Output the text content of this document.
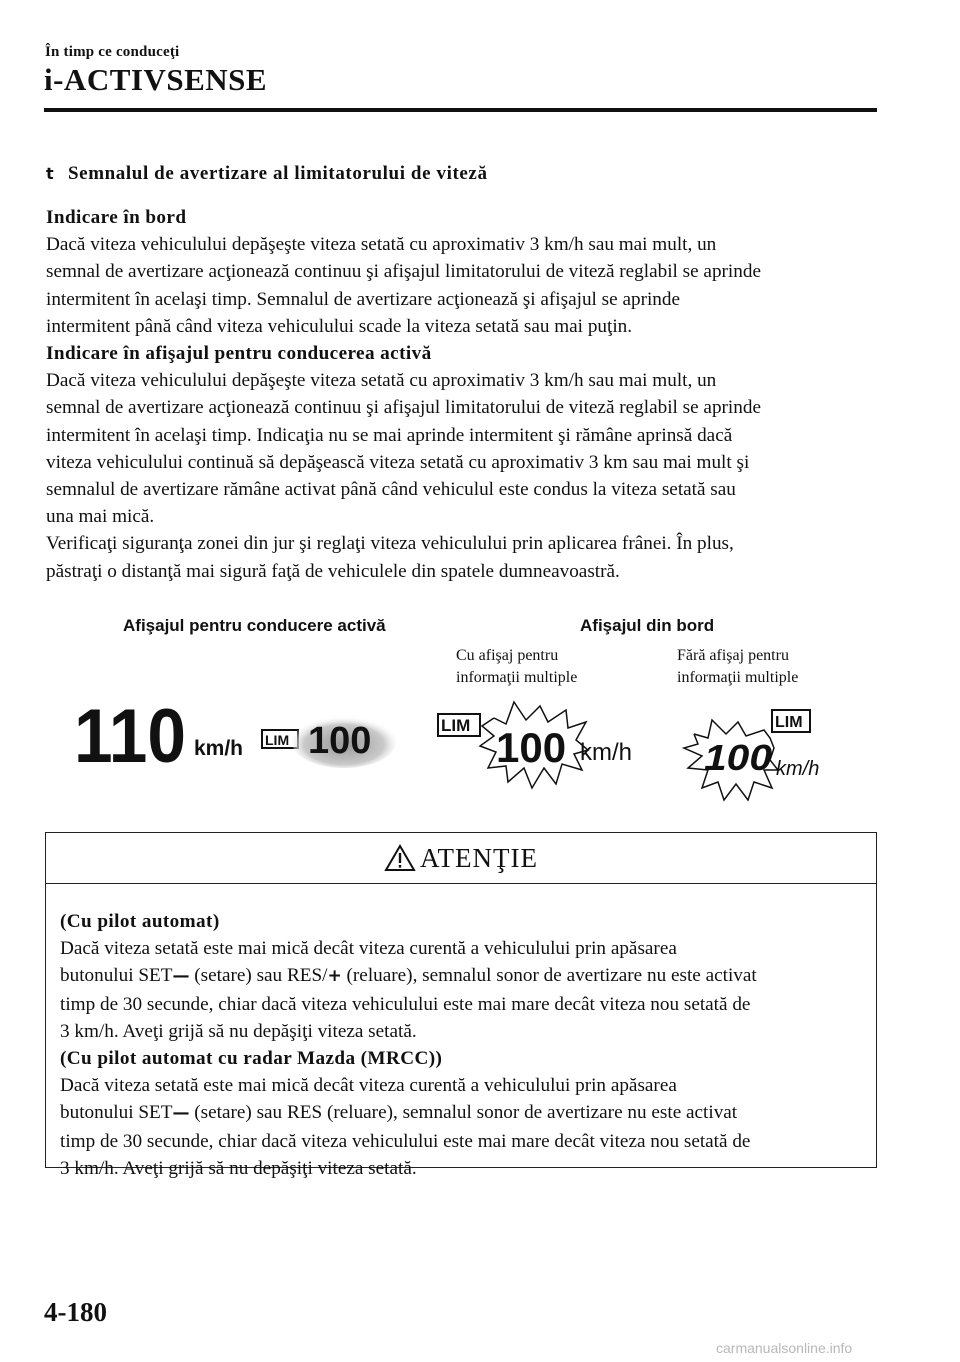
În timp ce conduceţi
i-ACTIVSENSE
t Semnalul de avertizare al limitatorului de viteză

Indicare în bord

Dacă viteza vehiculului depăşeşte viteza setată cu aproximativ 3 km/h sau mai mult, un

semnal de avertizare acţionează continuu şi afişajul limitatorului de viteză reglabil se aprinde

intermitent în acelaşi timp. Semnalul de avertizare acţionează şi afişajul se aprinde

intermitent până când viteza vehiculului scade la viteza setată sau mai puţin.

Indicare în afişajul pentru conducerea activă

Dacă viteza vehiculului depăşeşte viteza setată cu aproximativ 3 km/h sau mai mult, un

semnal de avertizare acţionează continuu şi afişajul limitatorului de viteză reglabil se aprinde

intermitent în acelaşi timp. Indicaţia nu se mai aprinde intermitent şi rămâne aprinsă dacă

viteza vehiculului continuă să depăşească viteza setată cu aproximativ 3 km sau mai mult şi

semnalul de avertizare rămâne activat până când vehiculul este condus la viteza setată sau

una mai mică.

Verificaţi siguranţa zonei din jur şi reglaţi viteza vehiculului prin aplicarea frânei. În plus,

păstraţi o distanţă mai sigură faţă de vehiculele din spatele dumneavoastră.

Afişajul pentru conducere activă	Afişajul din bord
Cu afişaj pentru
informaţii multiple
Fără afişaj pentru
informaţii multiple
110 km/h LIM 100	LIM 100 km/h
LIM
100 km/h
ATENŢIE

(Cu pilot automat)

Dacă viteza setată este mai mică decât viteza curentă a vehiculului prin apăsarea

butonului SET— (setare) sau RES/+ (reluare), semnalul sonor de avertizare nu este activat

timp de 30 secunde, chiar dacă viteza vehiculului este mai mare decât viteza nou setată de

3 km/h. Aveţi grijă să nu depăşiţi viteza setată.

(Cu pilot automat cu radar Mazda (MRCC))

Dacă viteza setată este mai mică decât viteza curentă a vehiculului prin apăsarea

butonului SET— (setare) sau RES (reluare), semnalul sonor de avertizare nu este activat

timp de 30 secunde, chiar dacă viteza vehiculului este mai mare decât viteza nou setată de

3 km/h. Aveţi grijă să nu depăşiţi viteza setată.

4-180
carmanualsonline.info
